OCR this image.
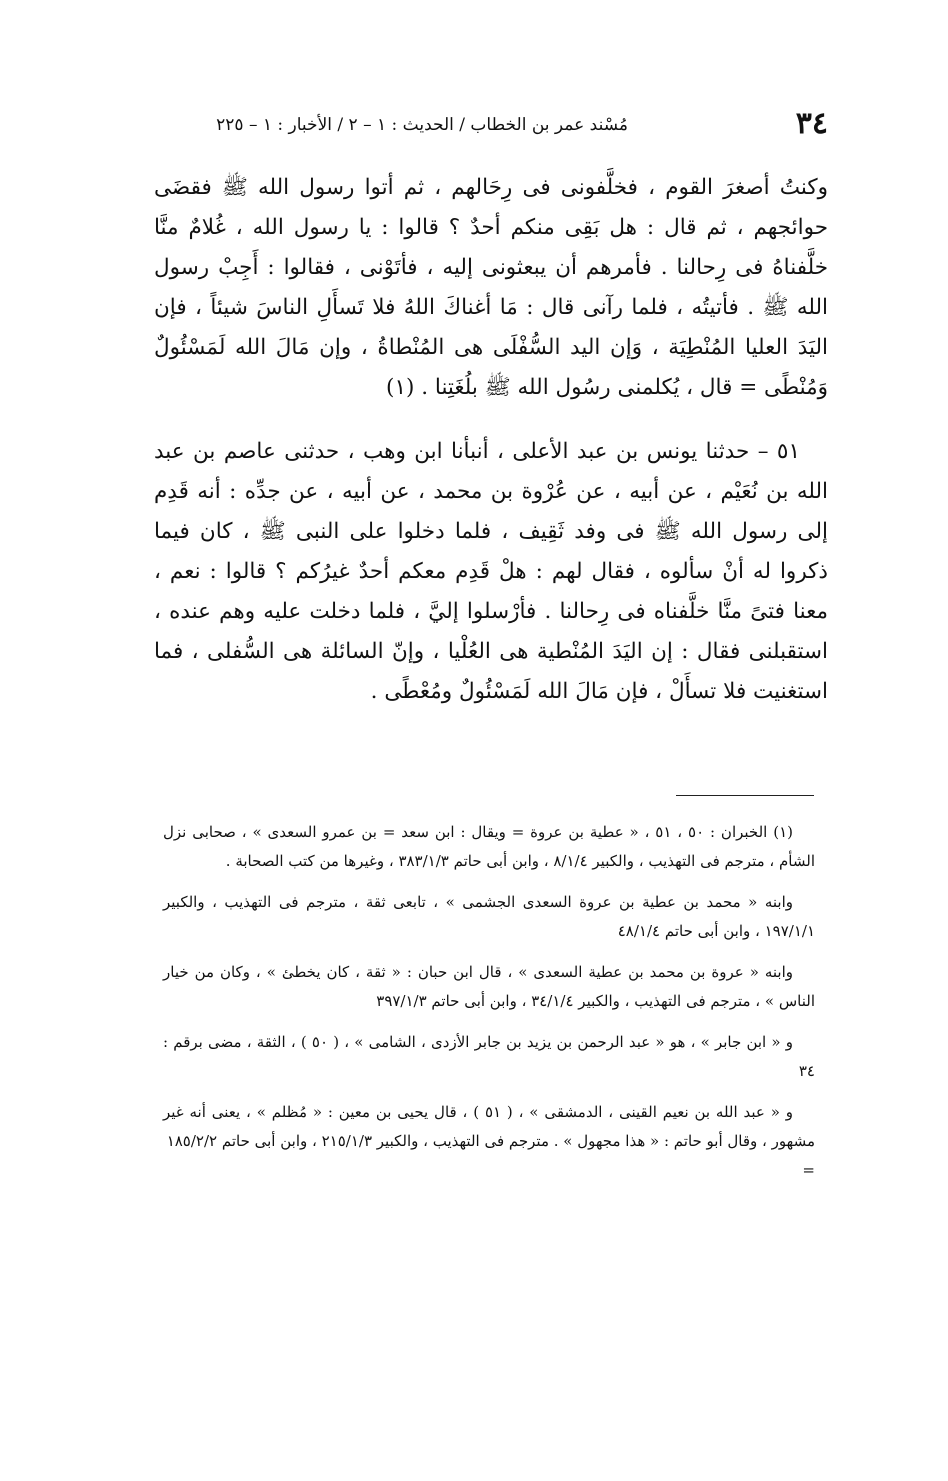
٣٤
مُسْند عمر بن الخطاب / الحديث : ١ – ٢ / الأخبار : ١ – ٢٢٥

وكنتُ أصغرَ القوم ، فخلَّفونى فى رِحَالهم ، ثم أتوا رسول الله ﷺ فقضَى حوائجهم ، ثم قال : هل بَقِى منكم أحدٌ ؟ قالوا : يا رسول الله ، غُلامٌ منَّا خلَّفناهُ فى رِحالنا . فأمرهم أن يبعثونى إليه ، فأتَوْنى ، فقالوا : أَجِبْ رسول الله ﷺ . فأتيتُه ، فلما رآنى قال : مَا أغناكَ اللهُ فلا تَسأَلِ الناسَ شيئاً ، فإن اليَدَ العليا المُنْطِيَة ، وَإن اليد السُّفْلَى هى المُنْطاةُ ، وإن مَالَ الله لَمَسْئُولٌ وَمُنْطًى = قال ، يُكلمنى رسُول الله ﷺ بلُغَتِنا . (١)

٥١ – حدثنا يونس بن عبد الأعلى ، أنبأنا ابن وهب ، حدثنى عاصم بن عبد الله بن نُعَيْم ، عن أبيه ، عن عُرْوة بن محمد ، عن أبيه ، عن جدِّه : أنه قَدِم إلى رسول الله ﷺ فى وفد ثَقِيف ، فلما دخلوا على النبى ﷺ ، كان فيما ذكروا له أنْ سألوه ، فقال لهم : هلْ قَدِم معكم أحدٌ غيرُكم ؟ قالوا : نعم ، معنا فتىً منَّا خلَّفناه فى رِحالنا . فأرْسلوا إليَّ ، فلما دخلت عليه وهم عنده ، استقبلنى فقال : إن اليَدَ المُنْطية هى العُلْيا ، وإنّ السائلة هى السُّفلى ، فما استغنيت فلا تسأَلْ ، فإن مَالَ الله لَمَسْئُولٌ ومُعْطًى .

(١) الخبران : ٥٠ ، ٥١ ، « عطية بن عروة = ويقال : ابن سعد = بن عمرو السعدى » ، صحابى نزل الشأم ، مترجم فى التهذيب ، والكبير ٨/١/٤ ، وابن أبى حاتم ٣٨٣/١/٣ ، وغيرها من كتب الصحابة .

وابنه « محمد بن عطية بن عروة السعدى الجشمى » ، تابعى ثقة ، مترجم فى التهذيب ، والكبير ١٩٧/١/١ ، وابن أبى حاتم ٤٨/١/٤

وابنه « عروة بن محمد بن عطية السعدى » ، قال ابن حبان : « ثقة ، كان يخطئ » ، وكان من خيار الناس » ، مترجم فى التهذيب ، والكبير ٣٤/١/٤ ، وابن أبى حاتم ٣٩٧/١/٣

و « ابن جابر » ، هو « عبد الرحمن بن يزيد بن جابر الأزدى ، الشامى » ، ( ٥٠ ) ، الثقة ، مضى برقم : ٣٤

و « عبد الله بن نعيم القينى ، الدمشقى » ، ( ٥١ ) ، قال يحيى بن معين : « مُظلم » ، يعنى أنه غير مشهور ، وقال أبو حاتم : « هذا مجهول » . مترجم فى التهذيب ، والكبير ٢١٥/١/٣ ، وابن أبى حاتم ١٨٥/٢/٢
=
